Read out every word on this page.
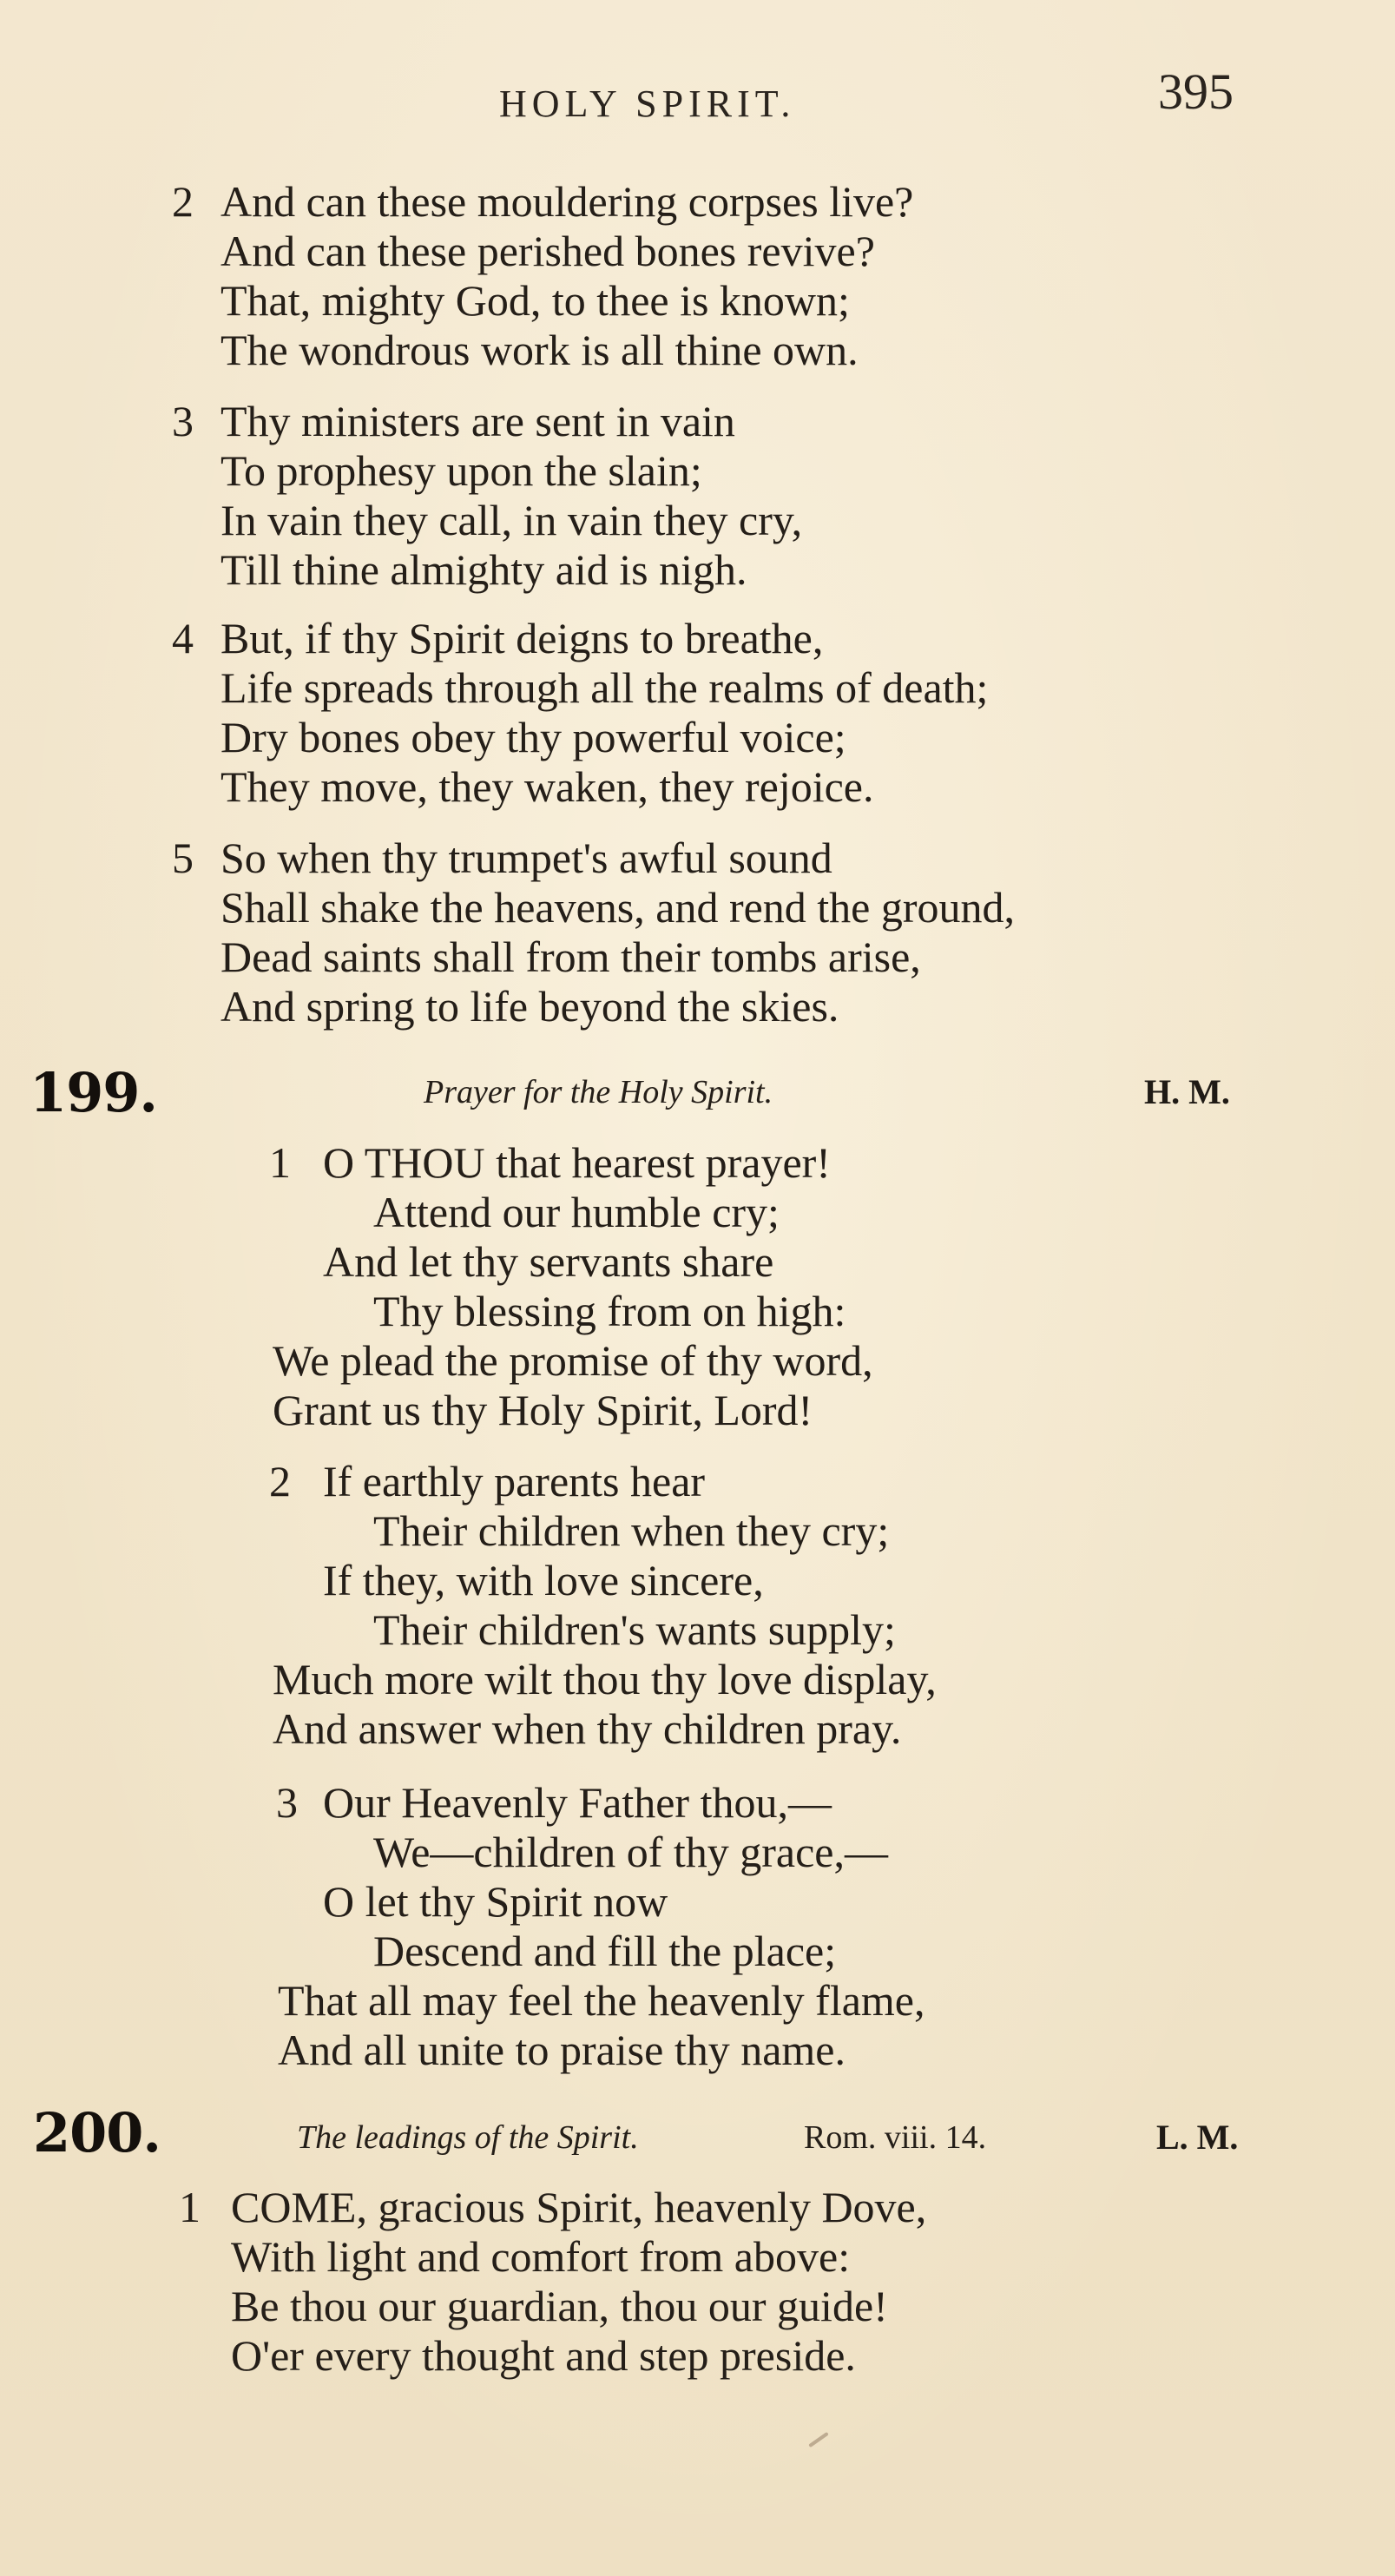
HOLY SPIRIT.	395
2 And can these mouldering corpses live?
And can these perished bones revive?
That, mighty God, to thee is known;
The wondrous work is all thine own.
3 Thy ministers are sent in vain
To prophesy upon the slain;
In vain they call, in vain they cry,
Till thine almighty aid is nigh.
4 But, if thy Spirit deigns to breathe,
Life spreads through all the realms of death;
Dry bones obey thy powerful voice;
They move, they waken, they rejoice.
5 So when thy trumpet's awful sound
Shall shake the heavens, and rend the ground,
Dead saints shall from their tombs arise,
And spring to life beyond the skies.
199.	Prayer for the Holy Spirit.	H. M.
1 O THOU that hearest prayer!
Attend our humble cry;
And let thy servants share
Thy blessing from on high:
We plead the promise of thy word,
Grant us thy Holy Spirit, Lord!
2 If earthly parents hear
Their children when they cry;
If they, with love sincere,
Their children's wants supply;
Much more wilt thou thy love display,
And answer when thy children pray.
3 Our Heavenly Father thou,—
We—children of thy grace,—
O let thy Spirit now
Descend and fill the place;
That all may feel the heavenly flame,
And all unite to praise thy name.
200.	The leadings of the Spirit.	Rom. viii. 14.	L. M.
1 COME, gracious Spirit, heavenly Dove,
With light and comfort from above:
Be thou our guardian, thou our guide!
O'er every thought and step preside.
